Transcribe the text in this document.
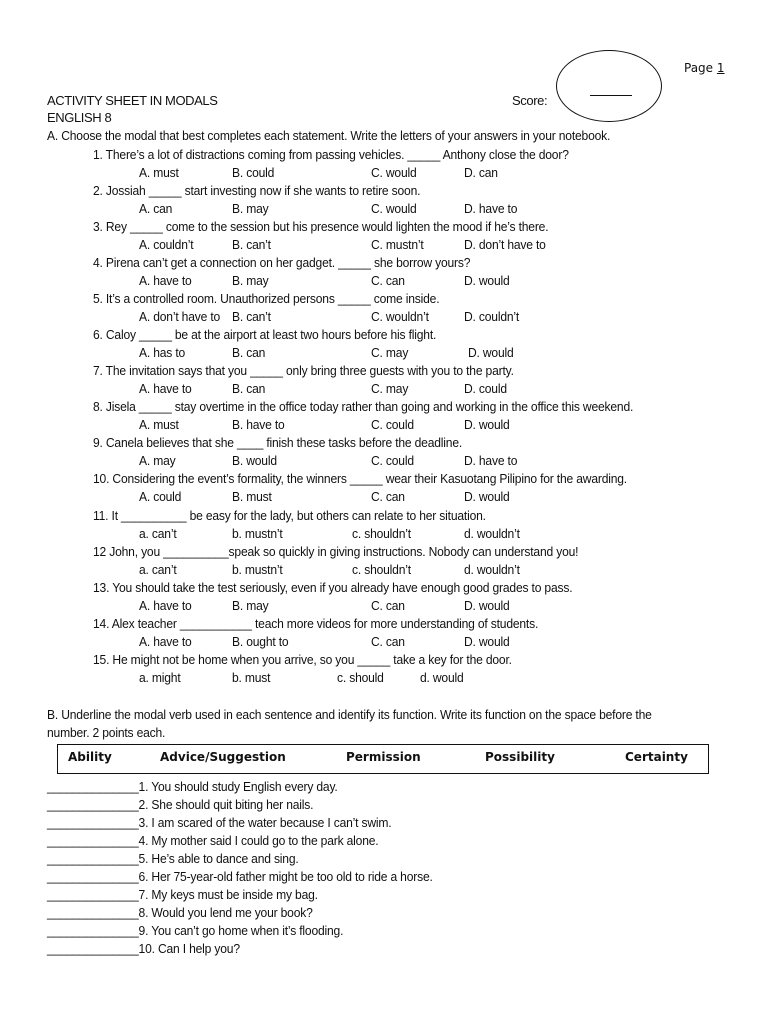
Page 1
Score:
ACTIVITY SHEET IN MODALS
ENGLISH 8
A. Choose the modal that best completes each statement. Write the letters of your answers in your notebook.
1. There’s a lot of distractions coming from passing vehicles. _____ Anthony close the door?
A. must	B. could	C. would	D. can
2. Jossiah _____ start investing now if she wants to retire soon.
A. can	B. may	C. would	D. have to
3. Rey _____ come to the session but his presence would lighten the mood if he’s there.
A. couldn’t	B. can’t	C. mustn’t	D. don’t have to
4. Pirena can’t get a connection on her gadget. _____ she borrow yours?
A. have to	B. may	C. can	D. would
5. It’s a controlled room. Unauthorized persons _____ come inside.
A. don’t have to B. can’t	C. wouldn’t	D. couldn’t
6. Caloy _____ be at the airport at least two hours before his flight.
A. has to	B. can	C. may	D. would
7. The invitation says that you _____ only bring three guests with you to the party.
A. have to	B. can	C. may	D. could
8. Jisela _____ stay overtime in the office today rather than going and working in the office this weekend.
A. must	B. have to	C. could	D. would
9. Canela believes that she ____ finish these tasks before the deadline.
A. may	B. would	C. could	D. have to
10. Considering the event’s formality, the winners _____ wear their Kasuotang Pilipino for the awarding.
A. could	B. must	C. can	D. would
11. It __________ be easy for the lady, but others can relate to her situation.
a. can’t	b. mustn’t	c. shouldn’t	d. wouldn’t
12 John, you __________speak so quickly in giving instructions. Nobody can understand you!
a. can’t	b. mustn’t	c. shouldn’t	d. wouldn’t
13. You should take the test seriously, even if you already have enough good grades to pass.
A. have to	B. may	C. can	D. would
14. Alex teacher ___________ teach more videos for more understanding of students.
A. have to	B. ought to	C. can	D. would
15. He might not be home when you arrive, so you _____ take a key for the door.
a. might	b. must	c. should	d. would
B. Underline the modal verb used in each sentence and identify its function. Write its function on the space before the
number. 2 points each.
Ability	Advice/Suggestion	Permission	Possibility	Certainty
______________1. You should study English every day.
______________2. She should quit biting her nails.
______________3. I am scared of the water because I can’t swim.
______________4. My mother said I could go to the park alone.
______________5. He’s able to dance and sing.
______________6. Her 75-year-old father might be too old to ride a horse.
______________7. My keys must be inside my bag.
______________8. Would you lend me your book?
______________9. You can’t go home when it’s flooding.
______________10. Can I help you?
